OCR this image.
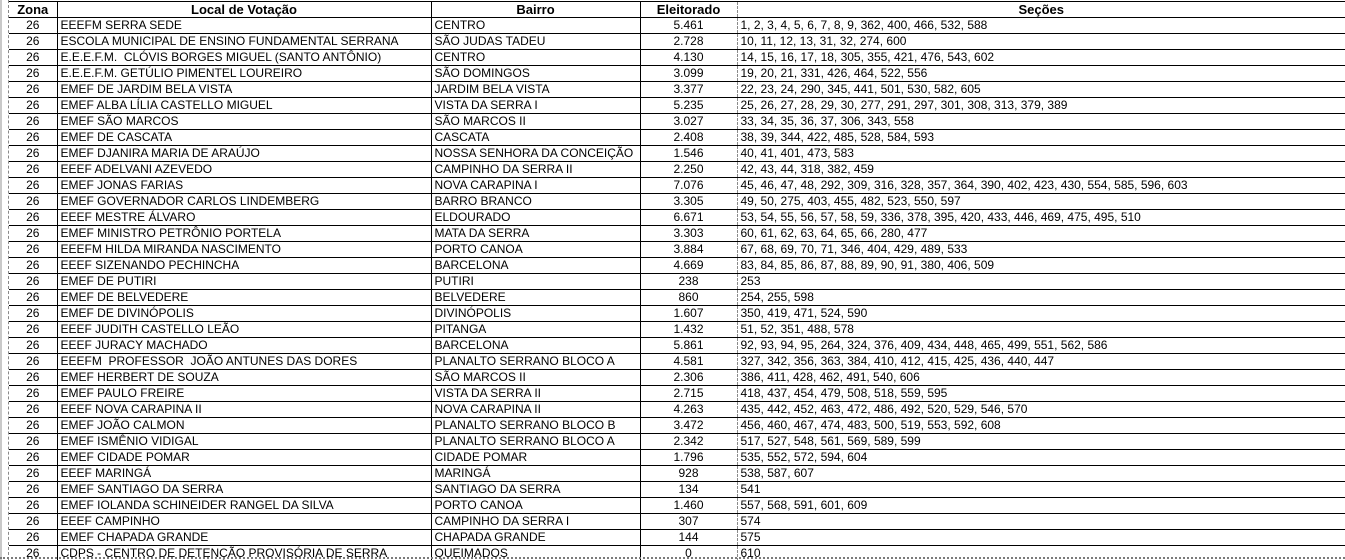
Zona	Local de Votação	Bairro	Eleitorado	Seções
26	EEEFM SERRA SEDE	CENTRO	5.461	1, 2, 3, 4, 5, 6, 7, 8, 9, 362, 400, 466, 532, 588
26	ESCOLA MUNICIPAL DE ENSINO FUNDAMENTAL SERRANA	SÃO JUDAS TADEU	2.728	10, 11, 12, 13, 31, 32, 274, 600
26	E.E.E.F.M.  CLÓVIS BORGES MIGUEL (SANTO ANTÔNIO)	CENTRO	4.130	14, 15, 16, 17, 18, 305, 355, 421, 476, 543, 602
26	E.E.E.F.M. GETÚLIO PIMENTEL LOUREIRO	SÃO DOMINGOS	3.099	19, 20, 21, 331, 426, 464, 522, 556
26	EMEF DE JARDIM BELA VISTA	JARDIM BELA VISTA	3.377	22, 23, 24, 290, 345, 441, 501, 530, 582, 605
26	EMEF ALBA LÍLIA CASTELLO MIGUEL	VISTA DA SERRA I	5.235	25, 26, 27, 28, 29, 30, 277, 291, 297, 301, 308, 313, 379, 389
26	EMEF SÃO MARCOS	SÃO MARCOS II	3.027	33, 34, 35, 36, 37, 306, 343, 558
26	EMEF DE CASCATA	CASCATA	2.408	38, 39, 344, 422, 485, 528, 584, 593
26	EMEF DJANIRA MARIA DE ARAÚJO	NOSSA SENHORA DA CONCEIÇÃO	1.546	40, 41, 401, 473, 583
26	EEEF ADELVANI AZEVEDO	CAMPINHO DA SERRA II	2.250	42, 43, 44, 318, 382, 459
26	EMEF JONAS FARIAS	NOVA CARAPINA I	7.076	45, 46, 47, 48, 292, 309, 316, 328, 357, 364, 390, 402, 423, 430, 554, 585, 596, 603
26	EMEF GOVERNADOR CARLOS LINDEMBERG	BARRO BRANCO	3.305	49, 50, 275, 403, 455, 482, 523, 550, 597
26	EEEF MESTRE ÁLVARO	ELDOURADO	6.671	53, 54, 55, 56, 57, 58, 59, 336, 378, 395, 420, 433, 446, 469, 475, 495, 510
26	EMEF MINISTRO PETRÔNIO PORTELA	MATA DA SERRA	3.303	60, 61, 62, 63, 64, 65, 66, 280, 477
26	EEEFM HILDA MIRANDA NASCIMENTO	PORTO CANOA	3.884	67, 68, 69, 70, 71, 346, 404, 429, 489, 533
26	EEEF SIZENANDO PECHINCHA	BARCELONA	4.669	83, 84, 85, 86, 87, 88, 89, 90, 91, 380, 406, 509
26	EMEF DE PUTIRI	PUTIRI	238	253
26	EMEF DE BELVEDERE	BELVEDERE	860	254, 255, 598
26	EMEF DE DIVINÓPOLIS	DIVINÓPOLIS	1.607	350, 419, 471, 524, 590
26	EEEF JUDITH CASTELLO LEÃO	PITANGA	1.432	51, 52, 351, 488, 578
26	EEEF JURACY MACHADO	BARCELONA	5.861	92, 93, 94, 95, 264, 324, 376, 409, 434, 448, 465, 499, 551, 562, 586
26	EEEFM  PROFESSOR  JOÃO ANTUNES DAS DORES	PLANALTO SERRANO BLOCO A	4.581	327, 342, 356, 363, 384, 410, 412, 415, 425, 436, 440, 447
26	EMEF HERBERT DE SOUZA	SÃO MARCOS II	2.306	386, 411, 428, 462, 491, 540, 606
26	EMEF PAULO FREIRE	VISTA DA SERRA II	2.715	418, 437, 454, 479, 508, 518, 559, 595
26	EEEF NOVA CARAPINA II	NOVA CARAPINA II	4.263	435, 442, 452, 463, 472, 486, 492, 520, 529, 546, 570
26	EMEF JOÃO CALMON	PLANALTO SERRANO BLOCO B	3.472	456, 460, 467, 474, 483, 500, 519, 553, 592, 608
26	EMEF ISMÊNIO VIDIGAL	PLANALTO SERRANO BLOCO A	2.342	517, 527, 548, 561, 569, 589, 599
26	EMEF CIDADE POMAR	CIDADE POMAR	1.796	535, 552, 572, 594, 604
26	EEEF MARINGÁ	MARINGÁ	928	538, 587, 607
26	EMEF SANTIAGO DA SERRA	SANTIAGO DA SERRA	134	541
26	EMEF IOLANDA SCHINEIDER RANGEL DA SILVA	PORTO CANOA	1.460	557, 568, 591, 601, 609
26	EEEF CAMPINHO	CAMPINHO DA SERRA I	307	574
26	EMEF CHAPADA GRANDE	CHAPADA GRANDE	144	575
26	CDPS - CENTRO DE DETENÇÃO PROVISÓRIA DE SERRA	QUEIMADOS	0	610
